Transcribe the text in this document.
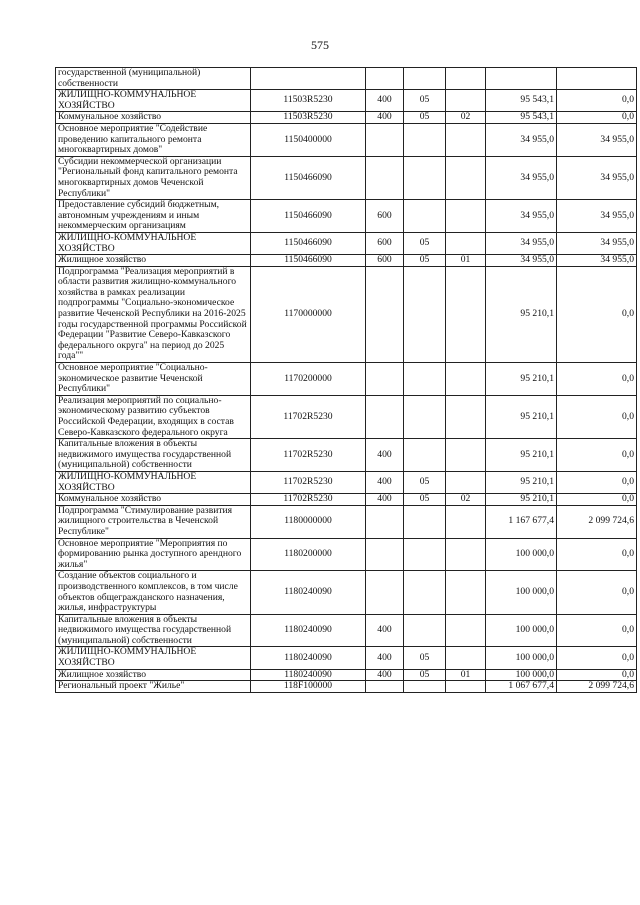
575
государственной (муниципальной) собственности						
ЖИЛИЩНО-КОММУНАЛЬНОЕ ХОЗЯЙСТВО	11503R5230	400	05		95 543,1	0,0
Коммунальное хозяйство	11503R5230	400	05	02	95 543,1	0,0
Основное мероприятие "Содействие проведению капитального ремонта многоквартирных домов"	1150400000				34 955,0	34 955,0
Субсидии некоммерческой организации "Региональный фонд капитального ремонта многоквартирных домов Чеченской Республики"	1150466090				34 955,0	34 955,0
Предоставление субсидий бюджетным, автономным учреждениям и иным некоммерческим организациям	1150466090	600			34 955,0	34 955,0
ЖИЛИЩНО-КОММУНАЛЬНОЕ ХОЗЯЙСТВО	1150466090	600	05		34 955,0	34 955,0
Жилищное хозяйство	1150466090	600	05	01	34 955,0	34 955,0
Подпрограмма "Реализация мероприятий в области развития жилищно-коммунального хозяйства в рамках реализации подпрограммы "Социально-экономическое развитие Чеченской Республики на 2016-2025 годы государственной программы Российской Федерации "Развитие Северо-Кавказского федерального округа" на период до 2025 года""	1170000000				95 210,1	0,0
Основное мероприятие "Социально-экономическое развитие Чеченской Республики"	1170200000				95 210,1	0,0
Реализация мероприятий по социально-экономическому развитию субъектов Российской Федерации, входящих в состав Северо-Кавказского федерального округа	11702R5230				95 210,1	0,0
Капитальные вложения в объекты недвижимого имущества государственной (муниципальной) собственности	11702R5230	400			95 210,1	0,0
ЖИЛИЩНО-КОММУНАЛЬНОЕ ХОЗЯЙСТВО	11702R5230	400	05		95 210,1	0,0
Коммунальное хозяйство	11702R5230	400	05	02	95 210,1	0,0
Подпрограмма "Стимулирование развития жилищного строительства в Чеченской Республике"	1180000000				1 167 677,4	2 099 724,6
Основное мероприятие "Мероприятия по формированию рынка доступного арендного жилья"	1180200000				100 000,0	0,0
Создание объектов социального и производственного комплексов, в том числе объектов общегражданского назначения, жилья, инфраструктуры	1180240090				100 000,0	0,0
Капитальные вложения в объекты недвижимого имущества государственной (муниципальной) собственности	1180240090	400			100 000,0	0,0
ЖИЛИЩНО-КОММУНАЛЬНОЕ ХОЗЯЙСТВО	1180240090	400	05		100 000,0	0,0
Жилищное хозяйство	1180240090	400	05	01	100 000,0	0,0
Региональный проект "Жилье"	118F100000				1 067 677,4	2 099 724,6
